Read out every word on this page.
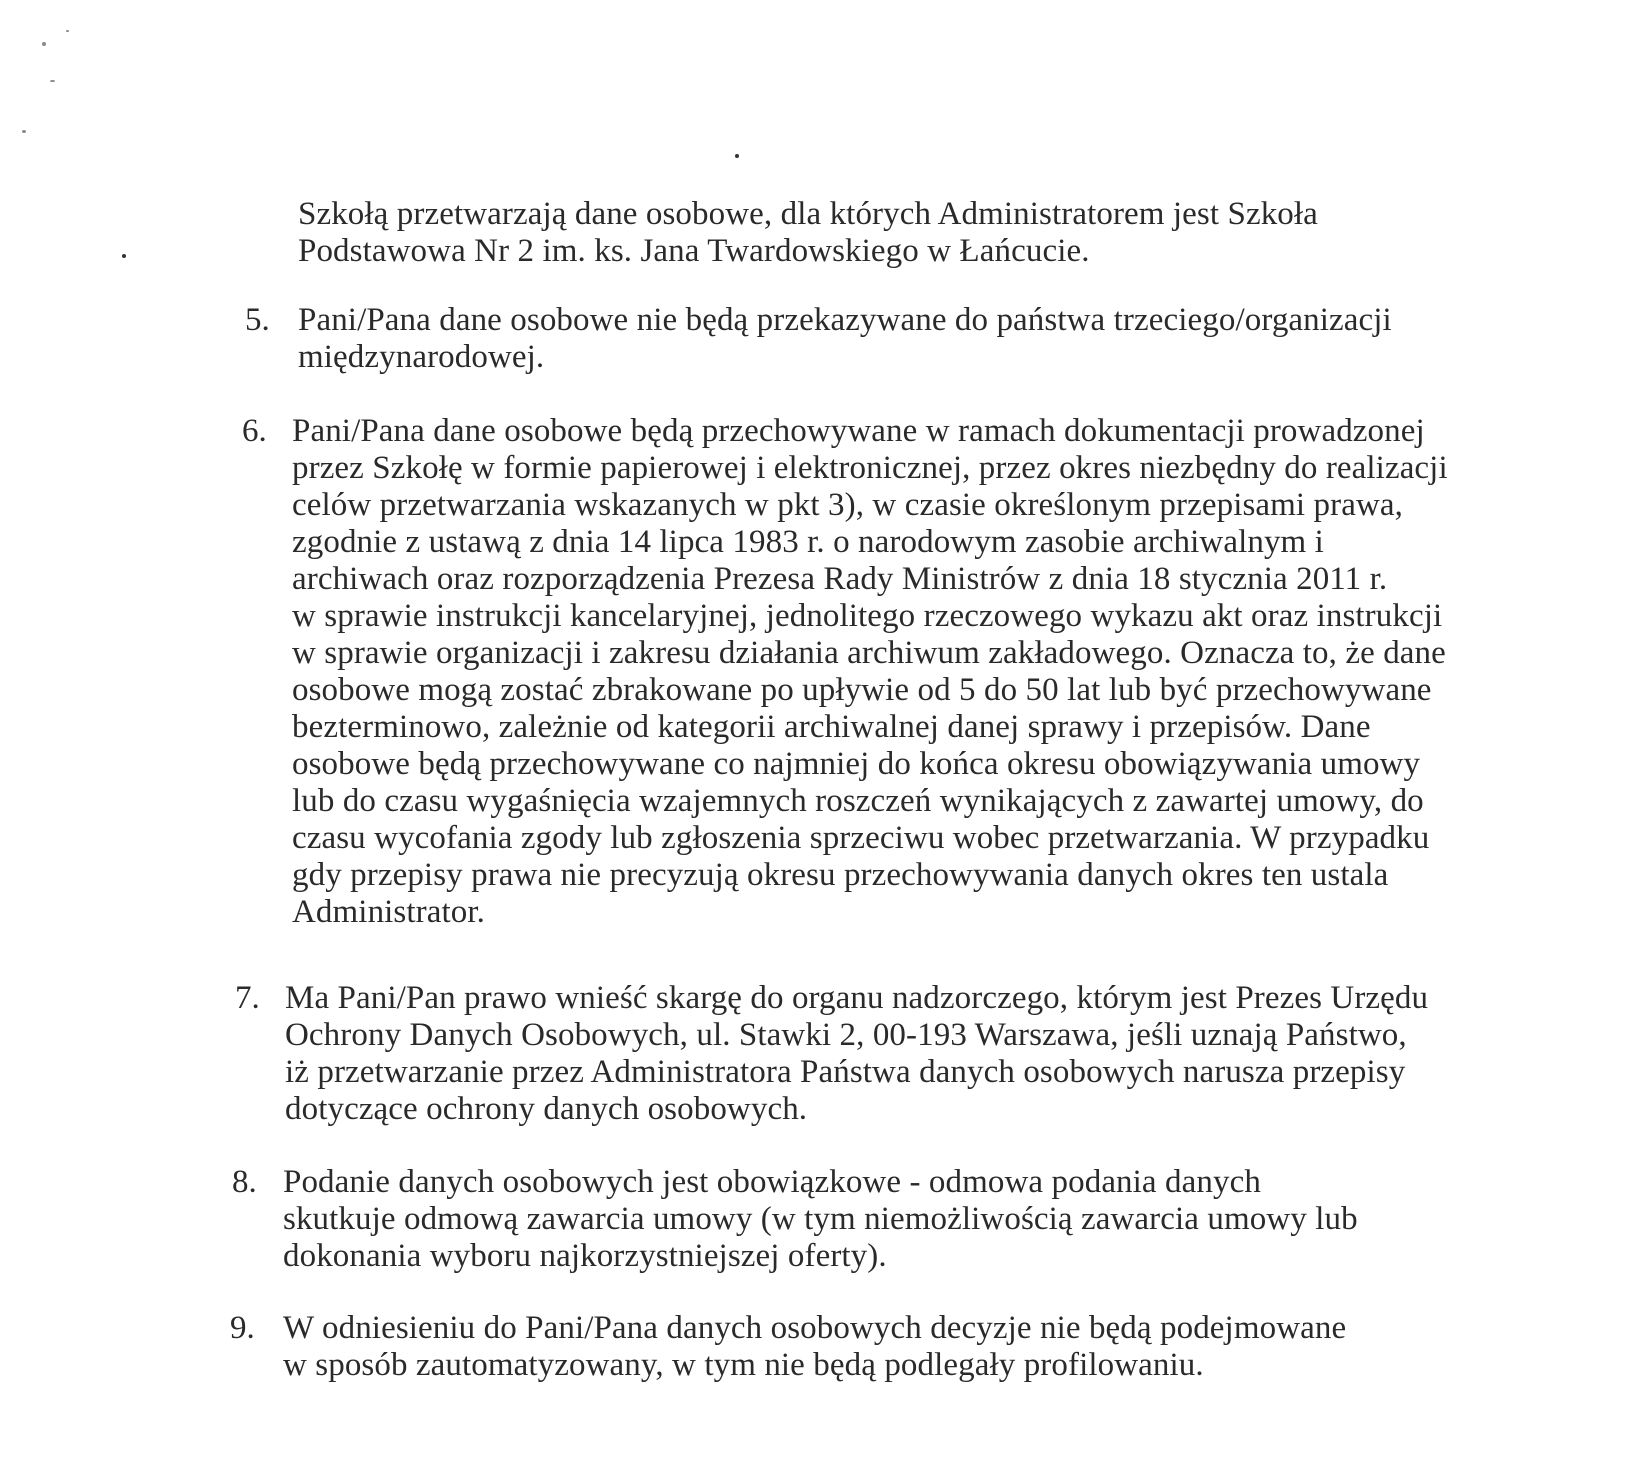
Szkołą przetwarzają dane osobowe, dla których Administratorem jest Szkoła
Podstawowa Nr 2 im. ks. Jana Twardowskiego w Łańcucie.
5. Pani/Pana dane osobowe nie będą przekazywane do państwa trzeciego/organizacji
międzynarodowej.
6. Pani/Pana dane osobowe będą przechowywane w ramach dokumentacji prowadzonej
przez Szkołę w formie papierowej i elektronicznej, przez okres niezbędny do realizacji
celów przetwarzania wskazanych w pkt 3), w czasie określonym przepisami prawa,
zgodnie z ustawą z dnia 14 lipca 1983 r. o narodowym zasobie archiwalnym i
archiwach oraz rozporządzenia Prezesa Rady Ministrów z dnia 18 stycznia 2011 r.
w sprawie instrukcji kancelaryjnej, jednolitego rzeczowego wykazu akt oraz instrukcji
w sprawie organizacji i zakresu działania archiwum zakładowego. Oznacza to, że dane
osobowe mogą zostać zbrakowane po upływie od 5 do 50 lat lub być przechowywane
bezterminowo, zależnie od kategorii archiwalnej danej sprawy i przepisów. Dane
osobowe będą przechowywane co najmniej do końca okresu obowiązywania umowy
lub do czasu wygaśnięcia wzajemnych roszczeń wynikających z zawartej umowy, do
czasu wycofania zgody lub zgłoszenia sprzeciwu wobec przetwarzania. W przypadku
gdy przepisy prawa nie precyzują okresu przechowywania danych okres ten ustala
Administrator.
7. Ma Pani/Pan prawo wnieść skargę do organu nadzorczego, którym jest Prezes Urzędu
Ochrony Danych Osobowych, ul. Stawki 2, 00-193 Warszawa, jeśli uznają Państwo,
iż przetwarzanie przez Administratora Państwa danych osobowych narusza przepisy
dotyczące ochrony danych osobowych.
8. Podanie danych osobowych jest obowiązkowe - odmowa podania danych
skutkuje odmową zawarcia umowy (w tym niemożliwością zawarcia umowy lub
dokonania wyboru najkorzystniejszej oferty).
9. W odniesieniu do Pani/Pana danych osobowych decyzje nie będą podejmowane
w sposób zautomatyzowany, w tym nie będą podlegały profilowaniu.
